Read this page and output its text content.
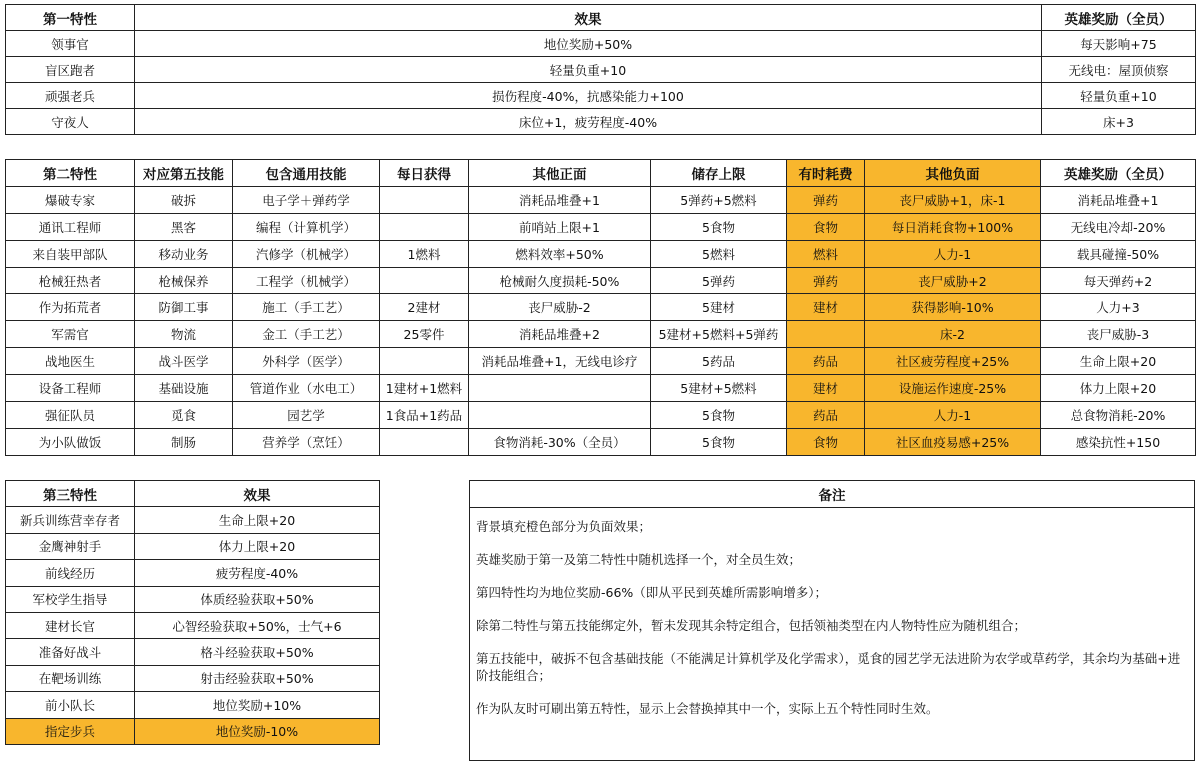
第一特性	效果	英雄奖励（全员）
领事官	地位奖励+50%	每天影响+75
盲区跑者	轻量负重+10	无线电：屋顶侦察
顽强老兵	损伤程度-40%，抗感染能力+100	轻量负重+10
守夜人	床位+1，疲劳程度-40%	床+3
第二特性	对应第五技能	包含通用技能	每日获得	其他正面	储存上限	有时耗费	其他负面	英雄奖励（全员）
爆破专家	破拆	电子学＋弹药学		消耗品堆叠+1	5弹药+5燃料	弹药	丧尸威胁+1，床-1	消耗品堆叠+1
通讯工程师	黑客	编程（计算机学）		前哨站上限+1	5食物	食物	每日消耗食物+100%	无线电冷却-20%
来自装甲部队	移动业务	汽修学（机械学）	1燃料	燃料效率+50%	5燃料	燃料	人力-1	载具碰撞-50%
枪械狂热者	枪械保养	工程学（机械学）		枪械耐久度损耗-50%	5弹药	弹药	丧尸威胁+2	每天弹药+2
作为拓荒者	防御工事	施工（手工艺）	2建材	丧尸威胁-2	5建材	建材	获得影响-10%	人力+3
军需官	物流	金工（手工艺）	25零件	消耗品堆叠+2	5建材+5燃料+5弹药		床-2	丧尸威胁-3
战地医生	战斗医学	外科学（医学）		消耗品堆叠+1，无线电诊疗	5药品	药品	社区疲劳程度+25%	生命上限+20
设备工程师	基础设施	管道作业（水电工）	1建材+1燃料		5建材+5燃料	建材	设施运作速度-25%	体力上限+20
强征队员	觅食	园艺学	1食品+1药品		5食物	药品	人力-1	总食物消耗-20%
为小队做饭	制肠	营养学（烹饪）		食物消耗-30%（全员）	5食物	食物	社区血疫易感+25%	感染抗性+150
第三特性	效果
新兵训练营幸存者	生命上限+20
金鹰神射手	体力上限+20
前线经历	疲劳程度-40%
军校学生指导	体质经验获取+50%
建材长官	心智经验获取+50%，士气+6
准备好战斗	格斗经验获取+50%
在靶场训练	射击经验获取+50%
前小队长	地位奖励+10%
指定步兵	地位奖励-10%
备注

背景填充橙色部分为负面效果；

英雄奖励于第一及第二特性中随机选择一个，对全员生效；

第四特性均为地位奖励-66%（即从平民到英雄所需影响增多）；

除第二特性与第五技能绑定外，暂未发现其余特定组合，包括领袖类型在内人物特性应为随机组合；

第五技能中，破拆不包含基础技能（不能满足计算机学及化学需求），觅食的园艺学无法进阶为农学或草药学，其余均为基础+进阶技能组合；

作为队友时可刷出第五特性，显示上会替换掉其中一个，实际上五个特性同时生效。
